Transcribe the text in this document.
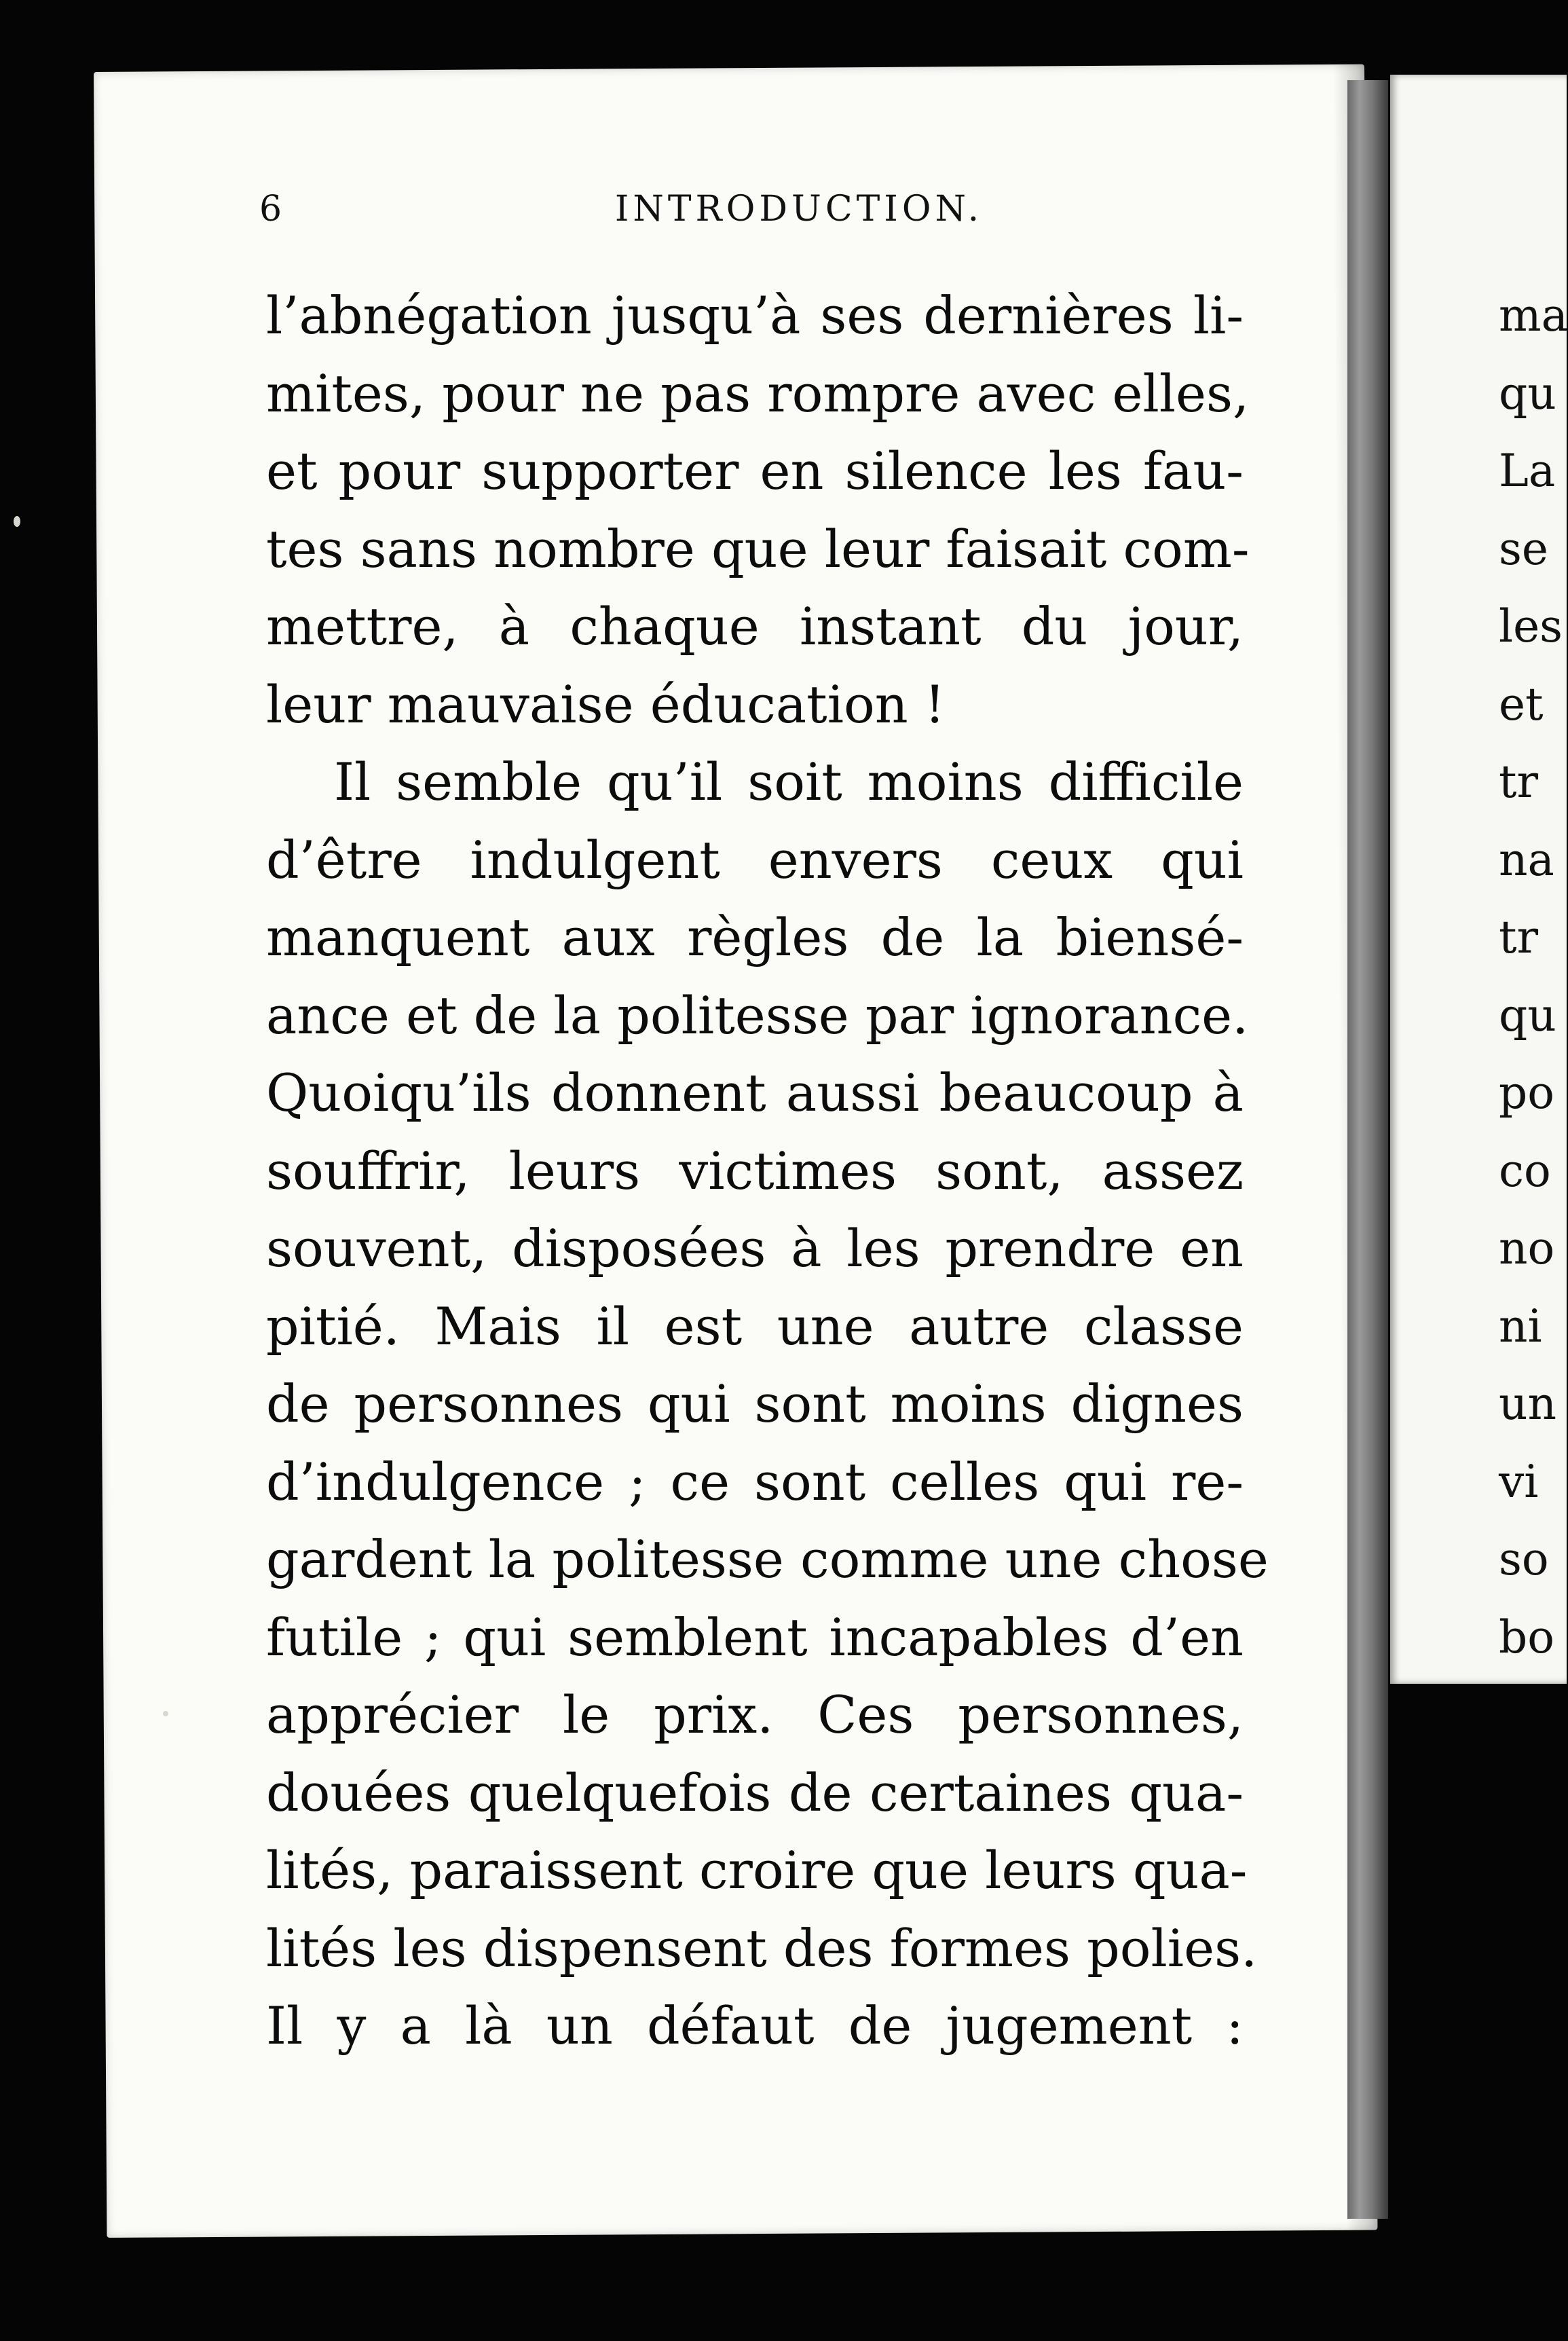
6	INTRODUCTION.
l’abnégation jusqu’à ses dernières li-
mites, pour ne pas rompre avec elles,
et pour supporter en silence les fau-
tes sans nombre que leur faisait com-
mettre, à chaque instant du jour,
leur mauvaise éducation !
Il semble qu’il soit moins difficile
d’être indulgent envers ceux qui
manquent aux règles de la biensé-
ance et de la politesse par ignorance.
Quoiqu’ils donnent aussi beaucoup à
souffrir, leurs victimes sont, assez
souvent, disposées à les prendre en
pitié. Mais il est une autre classe
de personnes qui sont moins dignes
d’indulgence ; ce sont celles qui re-
gardent la politesse comme une chose
futile ; qui semblent incapables d’en
apprécier le prix. Ces personnes,
douées quelquefois de certaines qua-
lités, paraissent croire que leurs qua-
lités les dispensent des formes polies.
Il y a là un défaut de jugement :
ma
qu
La
se
les
et
tr
na
tr
qu
po
co
no
ni
un
vi
so
bo
